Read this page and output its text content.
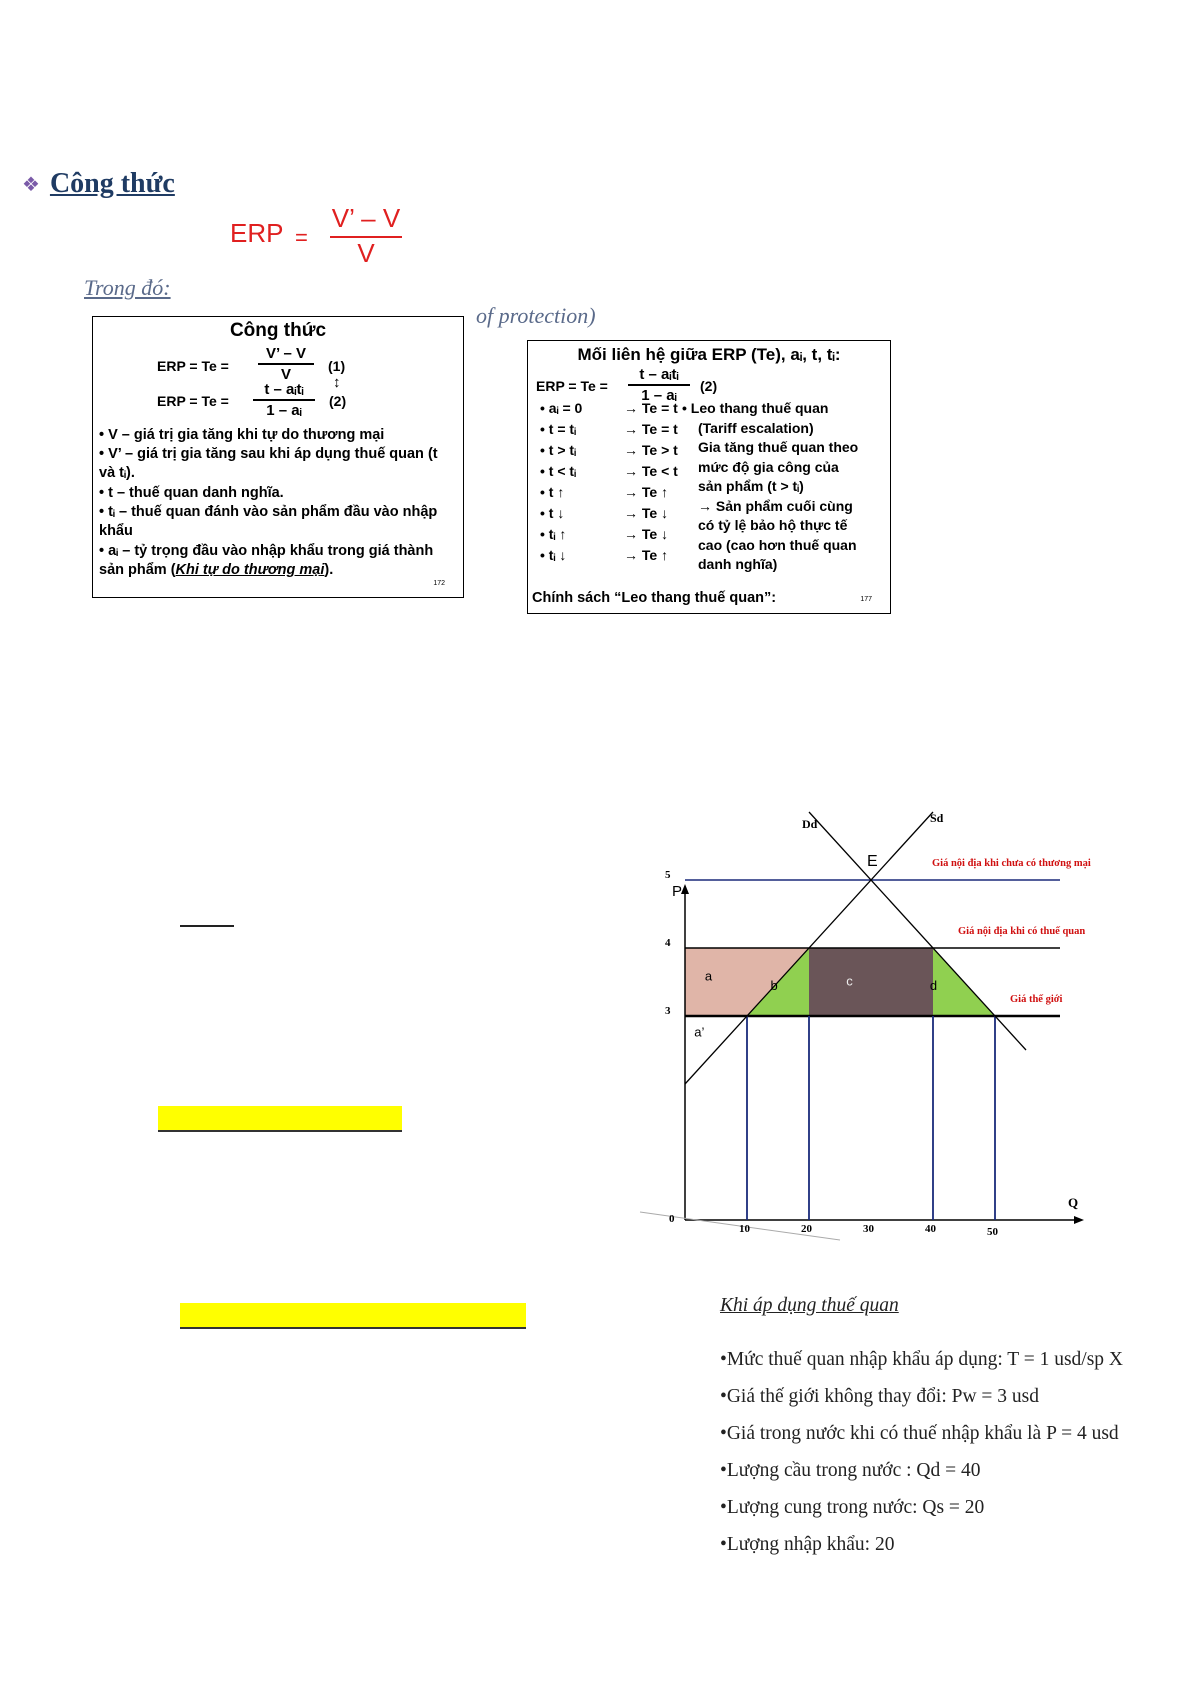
❖ Công thức
ERP = $\frac{V’ - V}{V}$
Trong đó:
of protection)
Công thức
ERP = $Te = \frac{V’ - V}{V} (1)$
↕
ERP = Te =
t – aᵢtᵢ
1 – aᵢ
(2)
• V – giá trị gia tăng khi tự do thương mại
• V’ – giá trị gia tăng sau khi áp dụng thuế quan (t và tᵢ).
• t – thuế quan danh nghĩa.
• tᵢ – thuế quan đánh vào sản phẩm đầu vào nhập khẩu
• aᵢ – tỷ trọng đầu vào nhập khẩu trong giá thành sản phẩm (Khi tự do thương mại).
172
Mối liên hệ giữa ERP (Te), aᵢ, t, tᵢ:
ERP = Te =
t – aᵢtᵢ
1 – aᵢ
(2)
• aᵢ = 0	→ Te = t
• t = tᵢ	→ Te = t
• t > tᵢ	→ Te > t
• t < tᵢ	→ Te < t
• t ↑	→ Te ↑
• t ↓	→ Te ↓
• tᵢ ↑	→ Te ↓
• tᵢ ↓	→ Te ↑
• Leo thang thuế quan
(Tariff escalation)
Gia tăng thuế quan theo
mức độ gia công của
sản phẩm (t > tᵢ)
→ Sản phẩm cuối cùng
có tỷ lệ bảo hộ thực tế
cao (cao hơn thuế quan
danh nghĩa)
Chính sách “Leo thang thuế quan”:	177
P
Q
Giá nội địa khi chưa có thương mại
Giá nội địa khi có thuế quan
Giá thế giới
0
10	20	30	40	50
3
4
5
Dd	Sd
E
a
b	c	d
a’
Khi áp dụng thuế quan
•Mức thuế quan nhập khẩu áp dụng: T = 1 usd/sp X
•Giá thế giới không thay đổi: Pw = 3 usd
•Giá trong nước khi có thuế nhập khẩu là P = 4 usd
•Lượng cầu trong nước : Qd = 40
•Lượng cung trong nước: Qs = 20
•Lượng nhập khẩu: 20
